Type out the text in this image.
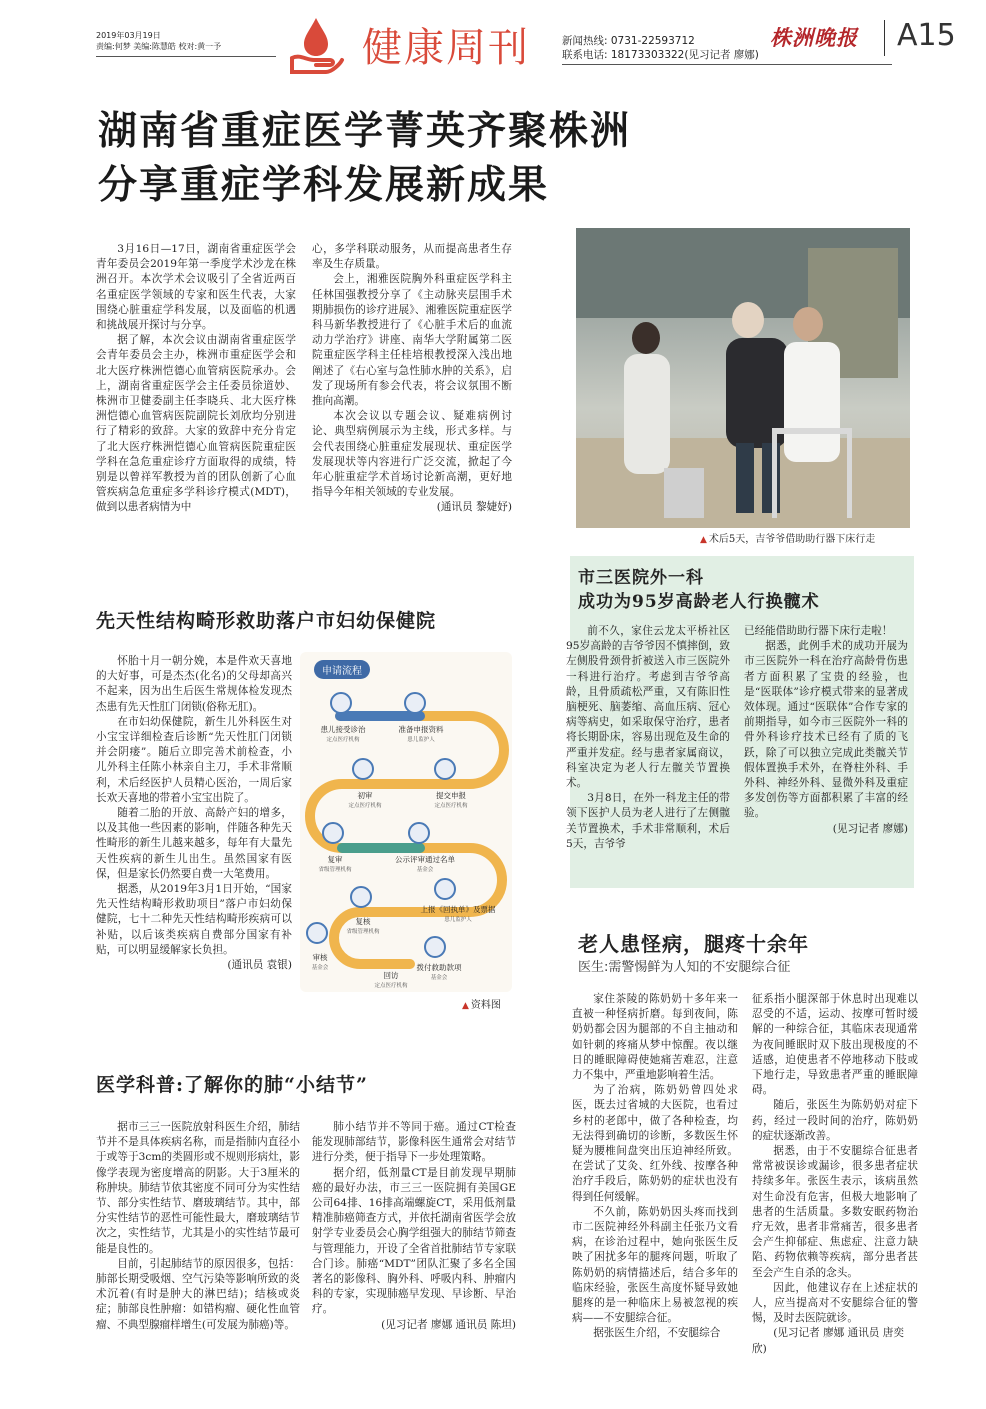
2019年03月19日
责编:何梦 美编:陈慧皓 校对:黄一予	健康周刊	新闻热线: 0731-22593712
联系电话: 18173303322(见习记者 廖娜)
株洲晚报 A15
湖南省重症医学菁英齐聚株洲
分享重症学科发展新成果

3月16日—17日，湖南省重症医学会青年委员会2019年第一季度学术沙龙在株洲召开。本次学术会议吸引了全省近两百名重症医学领域的专家和医生代表，大家围绕心脏重症学科发展，以及面临的机遇和挑战展开探讨与分享。

据了解，本次会议由湖南省重症医学会青年委员会主办，株洲市重症医学会和北大医疗株洲恺德心血管病医院承办。会上，湖南省重症医学会主任委员徐道妙、株洲市卫健委副主任李晓兵、北大医疗株洲恺德心血管病医院副院长刘欣均分别进行了精彩的致辞。大家的致辞中充分肯定了北大医疗株洲恺德心血管病医院重症医学科在急危重症诊疗方面取得的成绩，特别是以曾祥军教授为首的团队创新了心血管疾病急危重症多学科诊疗模式(MDT)，做到以患者病情为中

心，多学科联动服务，从而提高患者生存率及生存质量。

会上，湘雅医院胸外科重症医学科主任林国强教授分享了《主动脉夹层围手术期肺损伤的诊疗进展》、湘雅医院重症医学科马新华教授进行了《心脏手术后的血流动力学治疗》讲座、南华大学附属第二医院重症医学科主任桂培根教授深入浅出地阐述了《右心室与急性肺水肿的关系》，启发了现场所有参会代表，将会议氛围不断推向高潮。

本次会议以专题会议、疑难病例讨论、典型病例展示为主线，形式多样。与会代表围绕心脏重症发展现状、重症医学发展现状等内容进行广泛交流，掀起了今年心脏重症学术首场讨论新高潮，更好地指导今年相关领域的专业发展。

(通讯员 黎婕妤)
▲ 术后5天，吉爷爷借助助行器下床行走
市三医院外一科
成功为95岁高龄老人行换髋术

前不久，家住云龙太平桥社区95岁高龄的吉爷爷因不慎摔倒，致左侧股骨颈骨折被送入市三医院外一科进行治疗。考虑到吉爷爷高龄，且骨质疏松严重，又有陈旧性脑梗死、脑萎缩、高血压病、冠心病等病史，如采取保守治疗，患者将长期卧床，容易出现危及生命的严重并发症。经与患者家属商议，科室决定为老人行左髋关节置换术。

3月8日，在外一科龙主任的带领下医护人员为老人进行了左侧髋关节置换术，手术非常顺利，术后5天，吉爷爷

已经能借助助行器下床行走啦！

据悉，此例手术的成功开展为市三医院外一科在治疗高龄骨伤患者方面积累了宝贵的经验，也是“医联体”诊疗模式带来的显著成效体现。通过“医联体”合作专家的前期指导，如今市三医院外一科的骨外科诊疗技术已经有了质的飞跃，除了可以独立完成此类髋关节假体置换手术外，在脊柱外科、手外科、神经外科、显微外科及重症多发创伤等方面都积累了丰富的经验。

(见习记者 廖娜)
先天性结构畸形救助落户市妇幼保健院

怀胎十月一朝分娩，本是件欢天喜地的大好事，可是杰杰(化名)的父母却高兴不起来，因为出生后医生常规体检发现杰杰患有先天性肛门闭锁(俗称无肛)。

在市妇幼保健院，新生儿外科医生对小宝宝详细检查后诊断“先天性肛门闭锁并会阴瘘”。随后立即完善术前检查，小儿外科主任陈小林亲自主刀，手术非常顺利，术后经医护人员精心医治，一周后家长欢天喜地的带着小宝宝出院了。

随着二胎的开放、高龄产妇的增多，以及其他一些因素的影响，伴随各种先天性畸形的新生儿越来越多，每年有大量先天性疾病的新生儿出生。虽然国家有医保，但是家长仍然要自费一大笔费用。

据悉，从2019年3月1日开始，“国家先天性结构畸形救助项目”落户市妇幼保健院，七十二种先天性结构畸形疾病可以补贴，以后该类疾病自费部分国家有补贴，可以明显缓解家长负担。

(通讯员 袁银)
申请流程
患儿接受诊治
定点医疗机构
准备申报资料
患儿监护人
初审
定点医疗机构
提交申报
定点医疗机构
复审
省级管理机构
公示评审通过名单
基金会
复核
省级管理机构
上报《回执单》及票据
患儿监护人
审核
基金会	拨付救助款项
基金会
回访
定点医疗机构
▲ 资料图
老人患怪病，腿疼十余年
医生:需警惕鲜为人知的不安腿综合征

家住茶陵的陈奶奶十多年来一直被一种怪病折磨。每到夜间，陈奶奶都会因为腿部的不自主抽动和如针刺的疼痛从梦中惊醒。夜以继日的睡眠障碍使她痛苦难忍，注意力不集中，严重地影响着生活。

为了治病，陈奶奶曾四处求医，既去过省城的大医院，也看过乡村的老郎中，做了各种检查，均无法得到确切的诊断，多数医生怀疑为腰椎间盘突出压迫神经所致。在尝试了艾灸、红外线、按摩各种治疗手段后，陈奶奶的症状也没有得到任何缓解。

不久前，陈奶奶因头疼而找到市二医院神经外科副主任张乃文看病，在诊治过程中，她向张医生反映了困扰多年的腿疼问题，听取了陈奶奶的病情描述后，结合多年的临床经验，张医生高度怀疑导致她腿疼的是一种临床上易被忽视的疾病——不安腿综合征。

据张医生介绍，不安腿综合

征系指小腿深部于休息时出现难以忍受的不适，运动、按摩可暂时缓解的一种综合征，其临床表现通常为夜间睡眠时双下肢出现极度的不适感，迫使患者不停地移动下肢或下地行走，导致患者严重的睡眠障碍。

随后，张医生为陈奶奶对症下药，经过一段时间的治疗，陈奶奶的症状逐渐改善。

据悉，由于不安腿综合征患者常常被误诊或漏诊，很多患者症状持续多年。张医生表示，该病虽然对生命没有危害，但极大地影响了患者的生活质量。多数安眠药物治疗无效，患者非常痛苦，很多患者会产生抑郁症、焦虑症、注意力缺陷、药物依赖等疾病，部分患者甚至会产生自杀的念头。

因此，他建议存在上述症状的人，应当提高对不安腿综合征的警惕，及时去医院就诊。

(见习记者 廖娜 通讯员 唐奕欣)
医学科普:了解你的肺“小结节”

据市三三一医院放射科医生介绍，肺结节并不是具体疾病名称，而是指肺内直径小于或等于3cm的类圆形或不规则形病灶，影像学表现为密度增高的阴影。大于3厘米的称肿块。肺结节依其密度不同可分为实性结节、部分实性结节、磨玻璃结节。其中，部分实性结节的恶性可能性最大，磨玻璃结节次之，实性结节，尤其是小的实性结节最可能是良性的。

目前，引起肺结节的原因很多，包括：肺部长期受吸烟、空气污染等影响所致的炎术沉着(有时是肿大的淋巴结)；结核或炎症；肺部良性肿瘤：如错构瘤、硬化性血管瘤、不典型腺瘤样增生(可发展为肺癌)等。

肺小结节并不等同于癌。通过CT检查能发现肺部结节，影像科医生通常会对结节进行分类，便于指导下一步处理策略。

据介绍，低剂量CT是目前发现早期肺癌的最好办法，市三三一医院拥有美国GE公司64排、16排高端螺旋CT，采用低剂量精准肺癌筛查方式，并依托湖南省医学会放射学专业委员会心胸学组强大的肺结节筛查与管理能力，开设了全省首批肺结节专家联合门诊。肺癌“MDT”团队汇聚了多名全国著名的影像科、胸外科、呼吸内科、肿瘤内科的专家，实现肺癌早发现、早诊断、早治疗。

(见习记者 廖娜 通讯员 陈坦)
